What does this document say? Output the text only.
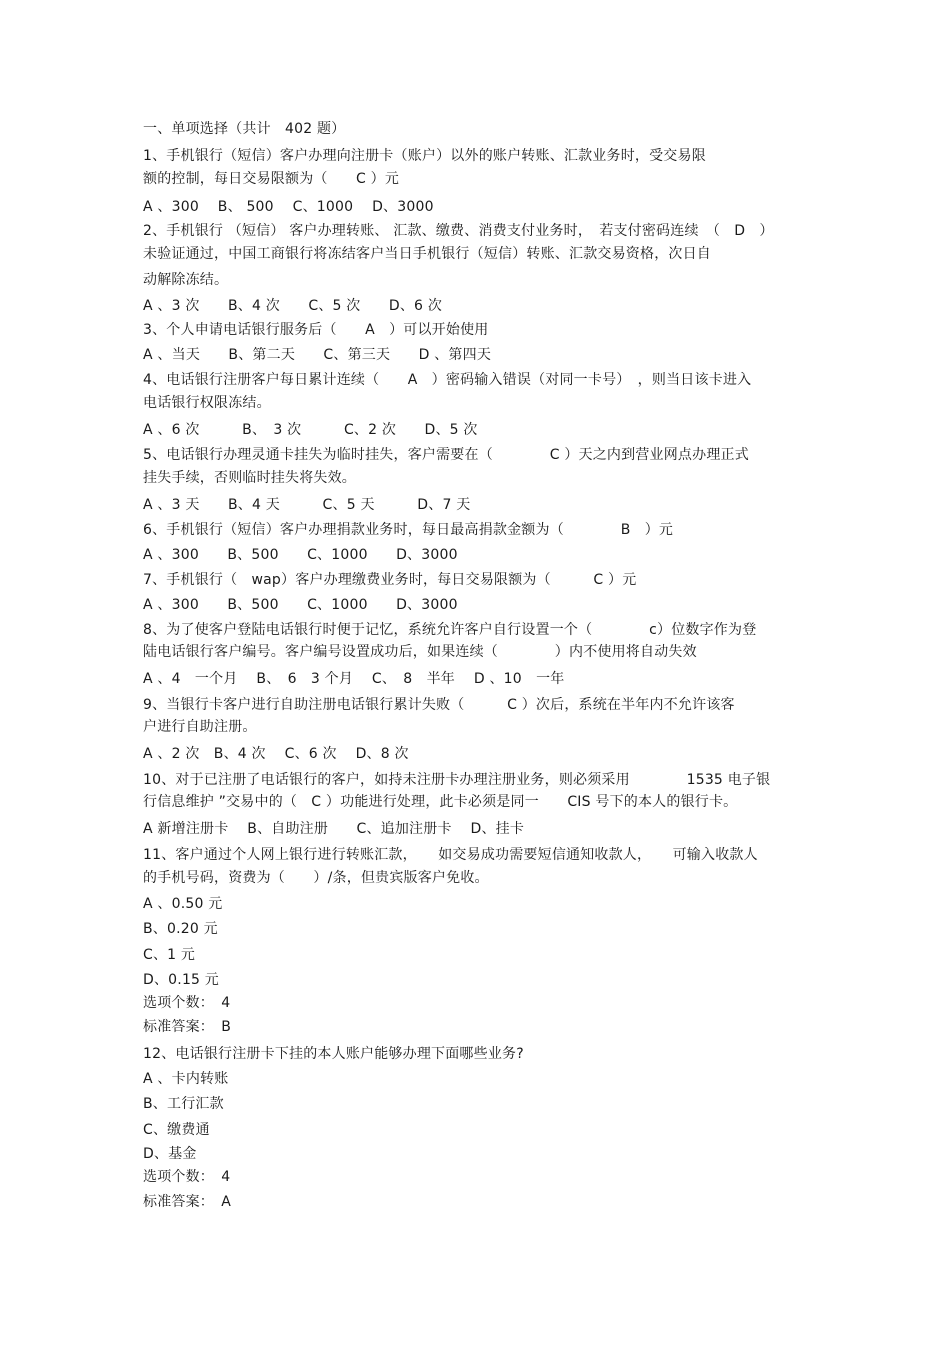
一、单项选择（共计　402 题）
1、手机银行（短信）客户办理向注册卡（账户）以外的账户转账、汇款业务时，受交易限
额的控制，每日交易限额为（　　C ）元
A 、300　 B、 500　 C、1000　 D、3000
2、手机银行 （短信） 客户办理转账、 汇款、缴费、消费支付业务时，　若支付密码连续　（　D　）
未验证通过，中国工商银行将冻结客户当日手机银行（短信）转账、汇款交易资格，次日自
动解除冻结。
A 、3 次　　B、4 次　　C、5 次　　D、6 次
3、个人申请电话银行服务后（　　A　）可以开始使用
A 、当天　　B、第二天　　C、第三天　　D 、第四天
4、电话银行注册客户每日累计连续（　　A　）密码输入错误（对同一卡号）　，则当日该卡进入
电话银行权限冻结。
A 、6 次　　　B、　3 次　　　C、2 次　　D、5 次
5、电话银行办理灵通卡挂失为临时挂失，客户需要在（　　　　C ）天之内到营业网点办理正式
挂失手续，否则临时挂失将失效。
A 、3 天　　B、4 天　　　C、5 天　　　D、7 天
6、手机银行（短信）客户办理捐款业务时，每日最高捐款金额为（　　　　B　）元
A 、300　　B、500　　C、1000　　D、3000
7、手机银行（　wap）客户办理缴费业务时，每日交易限额为（　　　C ）元
A 、300　　B、500　　C、1000　　D、3000
8、为了使客户登陆电话银行时便于记忆，系统允许客户自行设置一个（　　　　c）位数字作为登
陆电话银行客户编号。客户编号设置成功后，如果连续（　　　　）内不使用将自动失效
A 、4　一个月　 B、　6　3 个月　 C、　8　半年　 D 、10　一年
9、当银行卡客户进行自助注册电话银行累计失败（　　　C ）次后，系统在半年内不允许该客
户进行自助注册。
A 、2 次　B、4 次　 C、6 次　 D、8 次
10、对于已注册了电话银行的客户，如持未注册卡办理注册业务，则必须采用　　　　1535 电子银
行信息维护 ”交易中的（　C ）功能进行处理，此卡必须是同一　　CIS 号下的本人的银行卡。
A 新增注册卡　 B、自助注册　　C、追加注册卡　 D、挂卡
11、客户通过个人网上银行进行转账汇款，　　如交易成功需要短信通知收款人，　　可输入收款人
的手机号码，资费为（　　）/条，但贵宾版客户免收。
A 、0.50 元
B、0.20 元
C、1 元
D、0.15 元
选项个数：　4
标准答案：　B
12、电话银行注册卡下挂的本人账户能够办理下面哪些业务?
A 、卡内转账
B、工行汇款
C、缴费通
D、基金
选项个数：　4
标准答案：　A
